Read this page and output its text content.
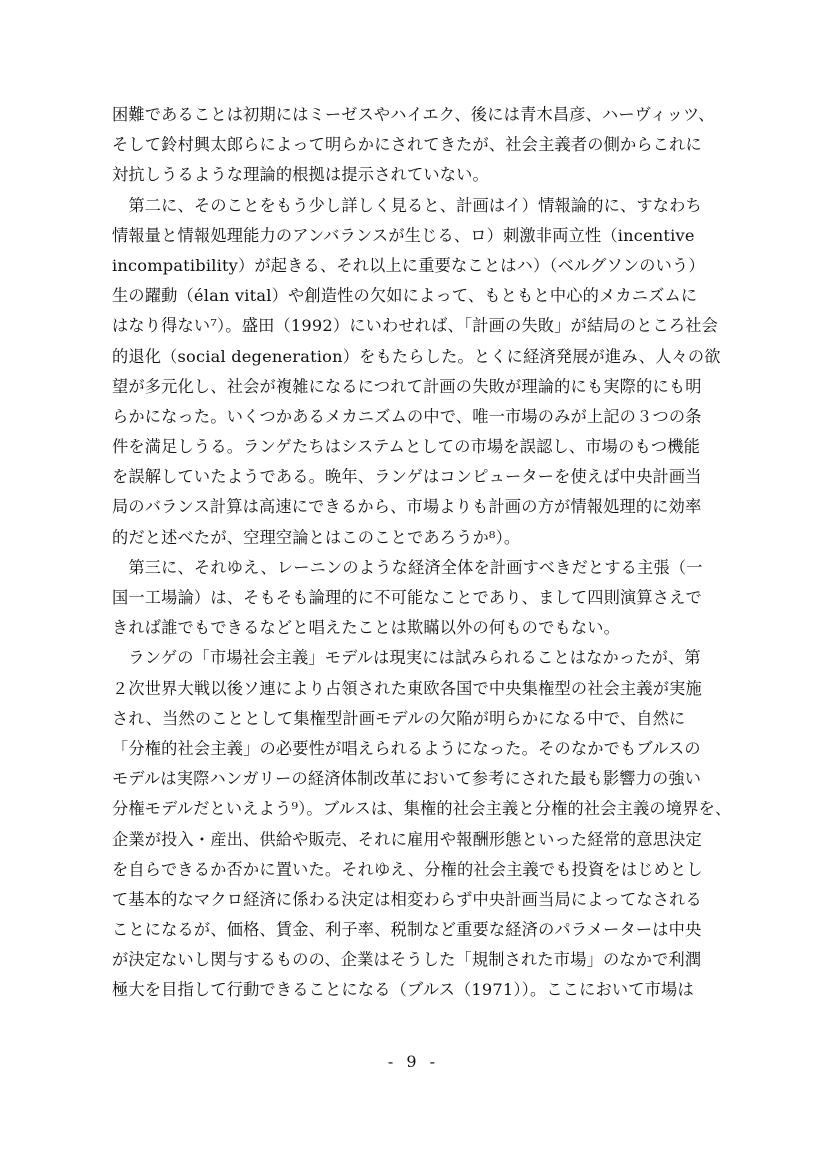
困難であることは初期にはミーゼスやハイエク、後には青木昌彦、ハーヴィッツ、
そして鈴村興太郎らによって明らかにされてきたが、社会主義者の側からこれに
対抗しうるような理論的根拠は提示されていない。
　第二に、そのことをもう少し詳しく見ると、計画はイ）情報論的に、すなわち
情報量と情報処理能力のアンバランスが生じる、ロ）刺激非両立性（incentive
incompatibility）が起きる、それ以上に重要なことはハ）（ベルグソンのいう）
生の躍動（élan vital）や創造性の欠如によって、もともと中心的メカニズムに
はなり得ない⁷）。盛田（1992）にいわせれば、「計画の失敗」が結局のところ社会
的退化（social degeneration）をもたらした。とくに経済発展が進み、人々の欲
望が多元化し、社会が複雑になるにつれて計画の失敗が理論的にも実際的にも明
らかになった。いくつかあるメカニズムの中で、唯一市場のみが上記の３つの条
件を満足しうる。ランゲたちはシステムとしての市場を誤認し、市場のもつ機能
を誤解していたようである。晩年、ランゲはコンピューターを使えば中央計画当
局のバランス計算は高速にできるから、市場よりも計画の方が情報処理的に効率
的だと述べたが、空理空論とはこのことであろうか⁸）。
　第三に、それゆえ、レーニンのような経済全体を計画すべきだとする主張（一
国一工場論）は、そもそも論理的に不可能なことであり、まして四則演算さえで
きれば誰でもできるなどと唱えたことは欺瞞以外の何ものでもない。
　ランゲの「市場社会主義」モデルは現実には試みられることはなかったが、第
２次世界大戦以後ソ連により占領された東欧各国で中央集権型の社会主義が実施
され、当然のこととして集権型計画モデルの欠陥が明らかになる中で、自然に
「分権的社会主義」の必要性が唱えられるようになった。そのなかでもブルスの
モデルは実際ハンガリーの経済体制改革において参考にされた最も影響力の強い
分権モデルだといえよう⁹）。ブルスは、集権的社会主義と分権的社会主義の境界を、
企業が投入・産出、供給や販売、それに雇用や報酬形態といった経常的意思決定
を自らできるか否かに置いた。それゆえ、分権的社会主義でも投資をはじめとし
て基本的なマクロ経済に係わる決定は相変わらず中央計画当局によってなされる
ことになるが、価格、賃金、利子率、税制など重要な経済のパラメーターは中央
が決定ないし関与するものの、企業はそうした「規制された市場」のなかで利潤
極大を目指して行動できることになる（ブルス（1971））。ここにおいて市場は
- 9 -
